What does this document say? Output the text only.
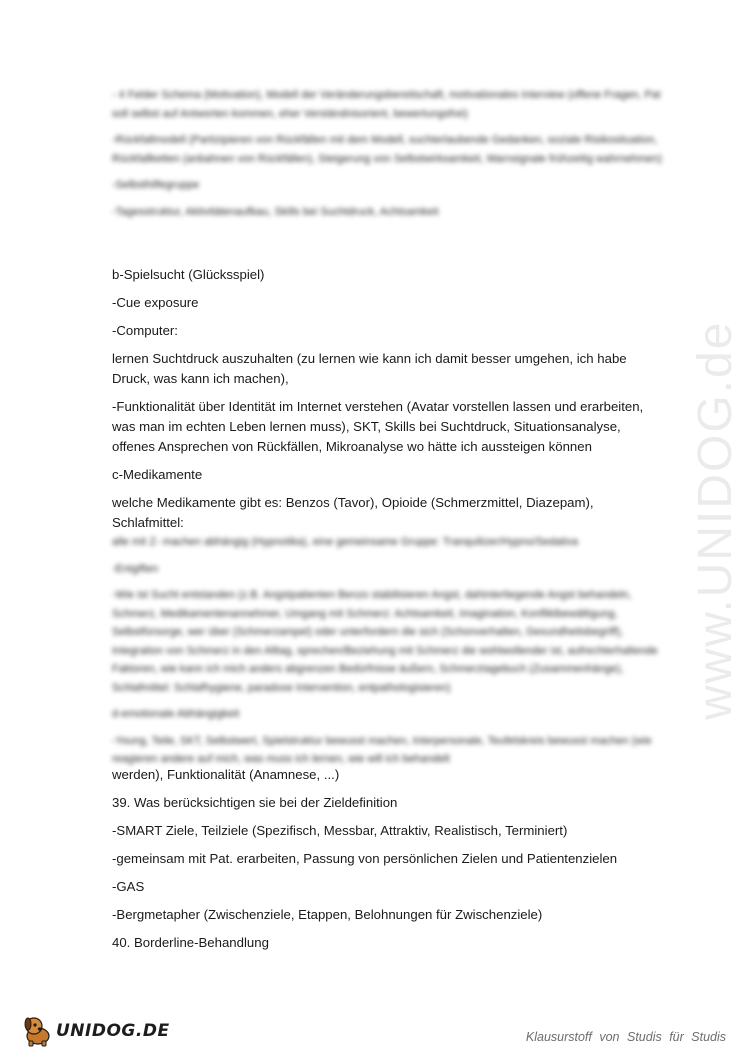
- 4 Felder Schema (Motivation), Modell der Veränderungsbereitschaft, motivationales Interview (offene Fragen, Pat soll selbst auf Antworten kommen, eher Verständnisorient, bewertungsfrei)

-Rückfallmodell (Partizipieren von Rückfällen mit dem Modell, suchterlaubende Gedanken, soziale Risikosituation, Rückfallketten (anbahnen von Rückfällen), Steigerung von Selbstwirksamkeit, Warnsignale frühzeitig wahrnehmen)

-Selbsthilfegruppe

-Tagesstruktur, Aktivitätenaufbau, Skills bei Suchtdruck, Achtsamkeit

b-Spielsucht (Glücksspiel)

-Cue exposure

-Computer:

lernen Suchtdruck auszuhalten (zu lernen wie kann ich damit besser umgehen, ich habe Druck, was kann ich machen),

-Funktionalität über Identität im Internet verstehen (Avatar vorstellen lassen und erarbeiten, was man im echten Leben lernen muss), SKT, Skills bei Suchtdruck, Situationsanalyse, offenes Ansprechen von Rückfällen, Mikroanalyse wo hätte ich aussteigen können

c-Medikamente

welche Medikamente gibt es: Benzos (Tavor), Opioide (Schmerzmittel, Diazepam), Schlafmittel:
alle mit Z- machen abhängig (Hypnotika), eine gemeinsame Gruppe: Tranquilizer/Hypno/Sedativa

-Entgiften

-Wie ist Sucht entstanden (z.B. Angstpatienten Benzo stabilisieren Angst, dahinterliegende Angst behandeln, Schmerz, Medikamentenannehmer, Umgang mit Schmerz: Achtsamkeit, Imagination, Konfliktbewältigung, Selbstfürsorge, wer über (Schmerzampel) oder unterfordern die sich (Schonverhalten, Gesundheitsbegriff), Integration von Schmerz in den Alltag, sprechen/Beziehung mit Schmerz die wohlwollender ist, aufrechterhaltende Faktoren, wie kann ich mich anders abgrenzen Bedürfnisse äußern, Schmerztagebuch (Zusammenhänge), Schlafmittel: Schlafhygiene, paradoxe Intervention, entpathologisieren)

d-emotionale Abhängigkeit

-Young, Teile, SKT, Selbstwert, Spielstruktur bewusst machen, Interpersonale, Teufelskreis bewusst machen (wie reagieren andere auf mich, was muss ich lernen, wie will ich behandelt
werden), Funktionalität (Anamnese, ...)

39. Was berücksichtigen sie bei der Zieldefinition

-SMART Ziele, Teilziele (Spezifisch, Messbar, Attraktiv, Realistisch, Terminiert)

-gemeinsam mit Pat. erarbeiten, Passung von persönlichen Zielen und Patientenzielen

-GAS

-Bergmetapher (Zwischenziele, Etappen, Belohnungen für Zwischenziele)

40. Borderline-Behandlung

www.UNIDOG.de
UNIDOG.DE	Klausurstoff von Studis für Studis
